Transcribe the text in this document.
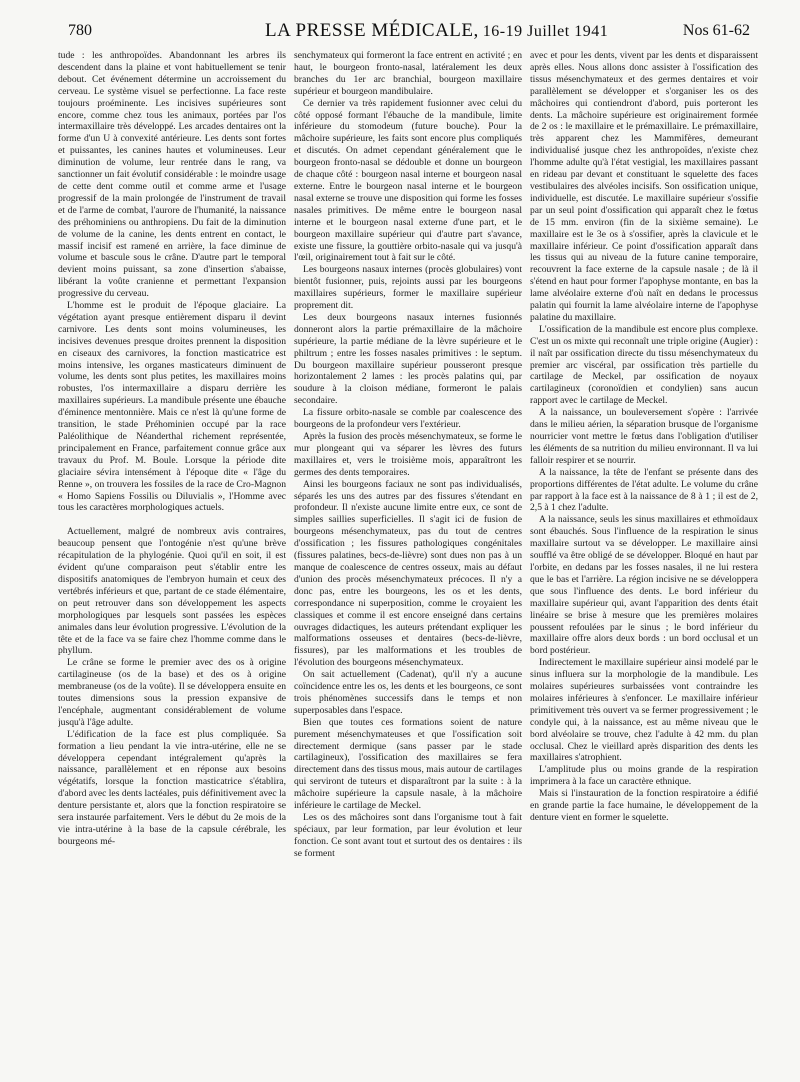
780	LA PRESSE MÉDICALE, 16-19 Juillet 1941	Nos 61-62

tude : les anthropoïdes. Abandonnant les arbres ils descendent dans la plaine et vont habituellement se tenir debout. Cet événement détermine un accroissement du cerveau. Le système visuel se perfectionne. La face reste toujours proéminente. Les incisives supérieures sont encore, comme chez tous les animaux, portées par l'os intermaxillaire très développé. Les arcades dentaires ont la forme d'un U à convexité antérieure. Les dents sont fortes et puissantes, les canines hautes et volumineuses. Leur diminution de volume, leur rentrée dans le rang, va sanctionner un fait évolutif considérable : le moindre usage de cette dent comme outil et comme arme et l'usage progressif de la main prolongée de l'instrument de travail et de l'arme de combat, l'aurore de l'humanité, la naissance des préhominiens ou anthropiens. Du fait de la diminution de volume de la canine, les dents entrent en contact, le massif incisif est ramené en arrière, la face diminue de volume et bascule sous le crâne. D'autre part le temporal devient moins puissant, sa zone d'insertion s'abaisse, libérant la voûte cranienne et permettant l'expansion progressive du cerveau.

L'homme est le produit de l'époque glaciaire. La végétation ayant presque entièrement disparu il devint carnivore. Les dents sont moins volumineuses, les incisives devenues presque droites prennent la disposition en ciseaux des carnivores, la fonction masticatrice est moins intensive, les organes masticateurs diminuent de volume, les dents sont plus petites, les maxillaires moins robustes, l'os intermaxillaire a disparu derrière les maxillaires supérieurs. La mandibule présente une ébauche d'éminence mentonnière. Mais ce n'est là qu'une forme de transition, le stade Préhominien occupé par la race Paléolithique de Néanderthal richement représentée, principalement en France, parfaitement connue grâce aux travaux du Prof. M. Boule. Lorsque la période dite glaciaire sévira intensément à l'époque dite « l'âge du Renne », on trouvera les fossiles de la race de Cro-Magnon « Homo Sapiens Fossilis ou Diluvialis », l'Homme avec tous les caractères morphologiques actuels.

Actuellement, malgré de nombreux avis contraires, beaucoup pensent que l'ontogénie n'est qu'une brève récapitulation de la phylogénie. Quoi qu'il en soit, il est évident qu'une comparaison peut s'établir entre les dispositifs anatomiques de l'embryon humain et ceux des vertébrés inférieurs et que, partant de ce stade élémentaire, on peut retrouver dans son développement les aspects morphologiques par lesquels sont passées les espèces animales dans leur évolution progressive. L'évolution de la tête et de la face va se faire chez l'homme comme dans le phyllum.

Le crâne se forme le premier avec des os à origine cartilagineuse (os de la base) et des os à origine membraneuse (os de la voûte). Il se développera ensuite en toutes dimensions sous la pression expansive de l'encéphale, augmentant considérablement de volume jusqu'à l'âge adulte.

L'édification de la face est plus compliquée. Sa formation a lieu pendant la vie intra-utérine, elle ne se développera cependant intégralement qu'après la naissance, parallèlement et en réponse aux besoins végétatifs, lorsque la fonction masticatrice s'établira, d'abord avec les dents lactéales, puis définitivement avec la denture persistante et, alors que la fonction respiratoire se sera instaurée parfaitement. Vers le début du 2e mois de la vie intra-utérine à la base de la capsule cérébrale, les bourgeons mé-

senchymateux qui formeront la face entrent en activité ; en haut, le bourgeon fronto-nasal, latéralement les deux branches du 1er arc branchial, bourgeon maxillaire supérieur et bourgeon mandibulaire.

Ce dernier va très rapidement fusionner avec celui du côté opposé formant l'ébauche de la mandibule, limite inférieure du stomodeum (future bouche). Pour la mâchoire supérieure, les faits sont encore plus compliqués et discutés. On admet cependant généralement que le bourgeon fronto-nasal se dédouble et donne un bourgeon de chaque côté : bourgeon nasal interne et bourgeon nasal externe. Entre le bourgeon nasal interne et le bourgeon nasal externe se trouve une disposition qui forme les fosses nasales primitives. De même entre le bourgeon nasal interne et le bourgeon nasal externe d'une part, et le bourgeon maxillaire supérieur qui d'autre part s'avance, existe une fissure, la gouttière orbito-nasale qui va jusqu'à l'œil, originairement tout à fait sur le côté.

Les bourgeons nasaux internes (procès globulaires) vont bientôt fusionner, puis, rejoints aussi par les bourgeons maxillaires supérieurs, former le maxillaire supérieur proprement dit.

Les deux bourgeons nasaux internes fusionnés donneront alors la partie prémaxillaire de la mâchoire supérieure, la partie médiane de la lèvre supérieure et le philtrum ; entre les fosses nasales primitives : le septum. Du bourgeon maxillaire supérieur pousseront presque horizontalement 2 lames : les procès palatins qui, par soudure à la cloison médiane, formeront le palais secondaire.

La fissure orbito-nasale se comble par coalescence des bourgeons de la profondeur vers l'extérieur.

Après la fusion des procès mésenchymateux, se forme le mur plongeant qui va séparer les lèvres des futurs maxillaires et, vers le troisième mois, apparaîtront les germes des dents temporaires.

Ainsi les bourgeons faciaux ne sont pas individualisés, séparés les uns des autres par des fissures s'étendant en profondeur. Il n'existe aucune limite entre eux, ce sont de simples saillies superficielles. Il s'agit ici de fusion de bourgeons mésenchymateux, pas du tout de centres d'ossification ; les fissures pathologiques congénitales (fissures palatines, becs-de-lièvre) sont dues non pas à un manque de coalescence de centres osseux, mais au défaut d'union des procès mésenchymateux précoces. Il n'y a donc pas, entre les bourgeons, les os et les dents, correspondance ni superposition, comme le croyaient les classiques et comme il est encore enseigné dans certains ouvrages didactiques, les auteurs prétendant expliquer les malformations osseuses et dentaires (becs-de-lièvre, fissures), par les malformations et les troubles de l'évolution des bourgeons mésenchymateux.

On sait actuellement (Cadenat), qu'il n'y a aucune coïncidence entre les os, les dents et les bourgeons, ce sont trois phénomènes successifs dans le temps et non superposables dans l'espace.

Bien que toutes ces formations soient de nature purement mésenchymateuses et que l'ossification soit directement dermique (sans passer par le stade cartilagineux), l'ossification des maxillaires se fera directement dans des tissus mous, mais autour de cartilages qui serviront de tuteurs et disparaîtront par la suite : à la mâchoire supérieure la capsule nasale, à la mâchoire inférieure le cartilage de Meckel.

Les os des mâchoires sont dans l'organisme tout à fait spéciaux, par leur formation, par leur évolution et leur fonction. Ce sont avant tout et surtout des os dentaires : ils se forment

avec et pour les dents, vivent par les dents et disparaissent après elles. Nous allons donc assister à l'ossification des tissus mésenchymateux et des germes dentaires et voir parallèlement se développer et s'organiser les os des mâchoires qui contiendront d'abord, puis porteront les dents. La mâchoire supérieure est originairement formée de 2 os : le maxillaire et le prémaxillaire. Le prémaxillaire, très apparent chez les Mammifères, demeurant individualisé jusque chez les anthropoïdes, n'existe chez l'homme adulte qu'à l'état vestigial, les maxillaires passant en rideau par devant et constituant le squelette des faces vestibulaires des alvéoles incisifs. Son ossification unique, individuelle, est discutée. Le maxillaire supérieur s'ossifie par un seul point d'ossification qui apparaît chez le fœtus de 15 mm. environ (fin de la sixième semaine). Le maxillaire est le 3e os à s'ossifier, après la clavicule et le maxillaire inférieur. Ce point d'ossification apparaît dans les tissus qui au niveau de la future canine temporaire, recouvrent la face externe de la capsule nasale ; de là il s'étend en haut pour former l'apophyse montante, en bas la lame alvéolaire externe d'où naît en dedans le processus palatin qui fournit la lame alvéolaire interne de l'apophyse palatine du maxillaire.

L'ossification de la mandibule est encore plus complexe. C'est un os mixte qui reconnaît une triple origine (Augier) : il naît par ossification directe du tissu mésenchymateux du premier arc viscéral, par ossification très partielle du cartilage de Meckel, par ossification de noyaux cartilagineux (coronoïdien et condylien) sans aucun rapport avec le cartilage de Meckel.

A la naissance, un bouleversement s'opère : l'arrivée dans le milieu aérien, la séparation brusque de l'organisme nourricier vont mettre le fœtus dans l'obligation d'utiliser les éléments de sa nutrition du milieu environnant. Il va lui falloir respirer et se nourrir.

A la naissance, la tête de l'enfant se présente dans des proportions différentes de l'état adulte. Le volume du crâne par rapport à la face est à la naissance de 8 à 1 ; il est de 2, 2,5 à 1 chez l'adulte.

A la naissance, seuls les sinus maxillaires et ethmoïdaux sont ébauchés. Sous l'influence de la respiration le sinus maxillaire surtout va se développer. Le maxillaire ainsi soufflé va être obligé de se développer. Bloqué en haut par l'orbite, en dedans par les fosses nasales, il ne lui restera que le bas et l'arrière. La région incisive ne se développera que sous l'influence des dents. Le bord inférieur du maxillaire supérieur qui, avant l'apparition des dents était linéaire se brise à mesure que les premières molaires poussent refoulées par le sinus ; le bord inférieur du maxillaire offre alors deux bords : un bord occlusal et un bord postérieur.

Indirectement le maxillaire supérieur ainsi modelé par le sinus influera sur la morphologie de la mandibule. Les molaires supérieures surbaissées vont contraindre les molaires inférieures à s'enfoncer. Le maxillaire inférieur primitivement très ouvert va se fermer progressivement ; le condyle qui, à la naissance, est au même niveau que le bord alvéolaire se trouve, chez l'adulte à 42 mm. du plan occlusal. Chez le vieillard après disparition des dents les maxillaires s'atrophient.

L'amplitude plus ou moins grande de la respiration imprimera à la face un caractère ethnique.

Mais si l'instauration de la fonction respiratoire a édifié en grande partie la face humaine, le développement de la denture vient en former le squelette.
